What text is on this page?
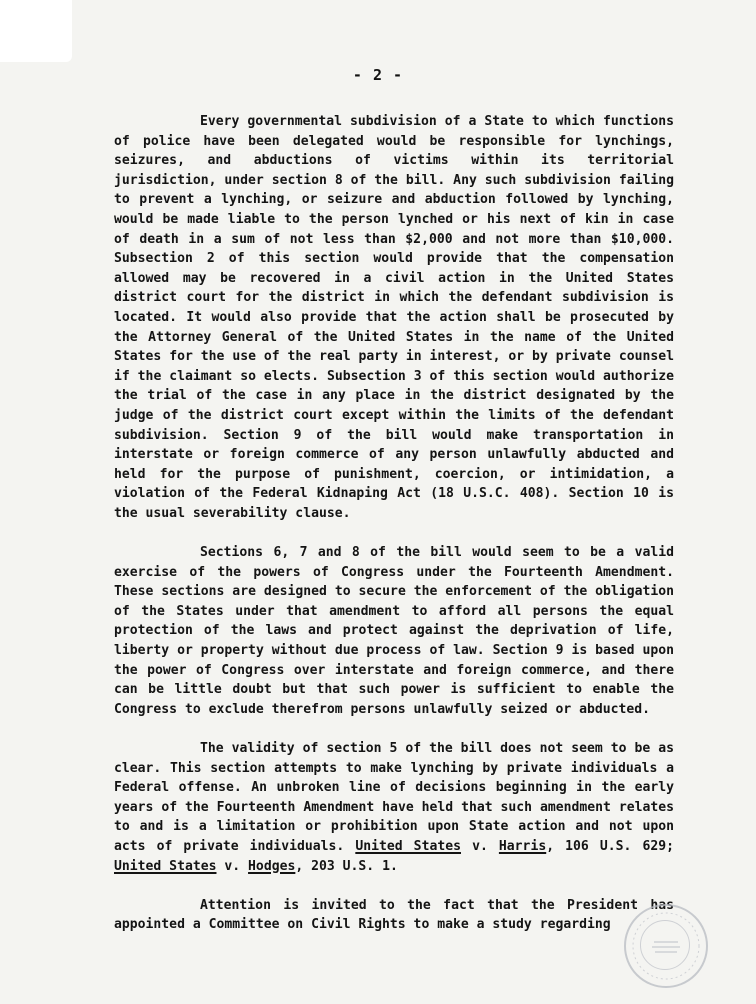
- 2 -

Every governmental subdivision of a State to which functions of police have been delegated would be responsible for lynchings, seizures, and abductions of victims within its territorial jurisdiction, under section 8 of the bill. Any such subdivision failing to prevent a lynching, or seizure and abduction followed by lynching, would be made liable to the person lynched or his next of kin in case of death in a sum of not less than $2,000 and not more than $10,000. Subsection 2 of this section would provide that the compensation allowed may be recovered in a civil action in the United States district court for the district in which the defendant subdivision is located. It would also provide that the action shall be prosecuted by the Attorney General of the United States in the name of the United States for the use of the real party in interest, or by private counsel if the claimant so elects. Subsection 3 of this section would authorize the trial of the case in any place in the district designated by the judge of the district court except within the limits of the defendant subdivision. Section 9 of the bill would make transportation in interstate or foreign commerce of any person unlawfully abducted and held for the purpose of punishment, coercion, or intimidation, a violation of the Federal Kidnaping Act (18 U.S.C. 408). Section 10 is the usual severability clause.

Sections 6, 7 and 8 of the bill would seem to be a valid exercise of the powers of Congress under the Fourteenth Amendment. These sections are designed to secure the enforcement of the obligation of the States under that amendment to afford all persons the equal protection of the laws and protect against the deprivation of life, liberty or property without due process of law. Section 9 is based upon the power of Congress over interstate and foreign commerce, and there can be little doubt but that such power is sufficient to enable the Congress to exclude therefrom persons unlawfully seized or abducted.

The validity of section 5 of the bill does not seem to be as clear. This section attempts to make lynching by private individuals a Federal offense. An unbroken line of decisions beginning in the early years of the Fourteenth Amendment have held that such amendment relates to and is a limitation or prohibition upon State action and not upon acts of private individuals. United States v. Harris, 106 U.S. 629; United States v. Hodges, 203 U.S. 1.

Attention is invited to the fact that the President has appointed a Committee on Civil Rights to make a study regarding
